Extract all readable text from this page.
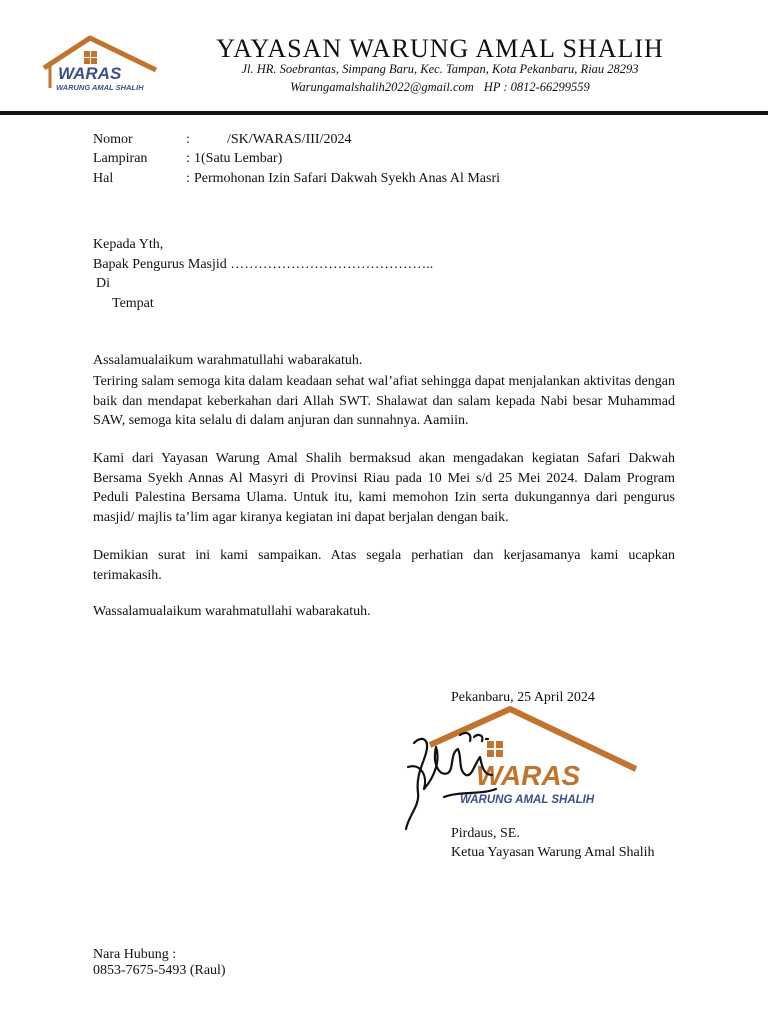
WARAS
WARUNG AMAL SHALIH
YAYASAN WARUNG AMAL SHALIH
Jl. HR. Soebrantas, Simpang Baru, Kec. Tampan, Kota Pekanbaru, Riau 28293
Warungamalshalih2022@gmail.com HP : 0812-66299559
Nomor	:	/SK/WARAS/III/2024
Lampiran	: 1(Satu Lembar)
Hal	: Permohonan Izin Safari Dakwah Syekh Anas Al Masri
Kepada Yth,
Bapak Pengurus Masjid ……………………………………..
Di
Tempat
Assalamualaikum warahmatullahi wabarakatuh.
Teriring salam semoga kita dalam keadaan sehat wal’afiat sehingga dapat menjalankan aktivitas dengan baik dan mendapat keberkahan dari Allah SWT. Shalawat dan salam kepada Nabi besar Muhammad SAW, semoga kita selalu di dalam anjuran dan sunnahnya. Aamiin.
Kami dari Yayasan Warung Amal Shalih bermaksud akan mengadakan kegiatan Safari Dakwah Bersama Syekh Annas Al Masyri di Provinsi Riau pada 10 Mei s/d 25 Mei 2024. Dalam Program Peduli Palestina Bersama Ulama. Untuk itu, kami memohon Izin serta dukungannya dari pengurus masjid/ majlis ta’lim agar kiranya kegiatan ini dapat berjalan dengan baik.
Demikian surat ini kami sampaikan. Atas segala perhatian dan kerjasamanya kami ucapkan terimakasih.
Wassalamualaikum warahmatullahi wabarakatuh.
Pekanbaru, 25 April 2024
WARAS
WARUNG AMAL SHALIH
Pirdaus, SE.
Ketua Yayasan Warung Amal Shalih
Nara Hubung :
0853-7675-5493 (Raul)
